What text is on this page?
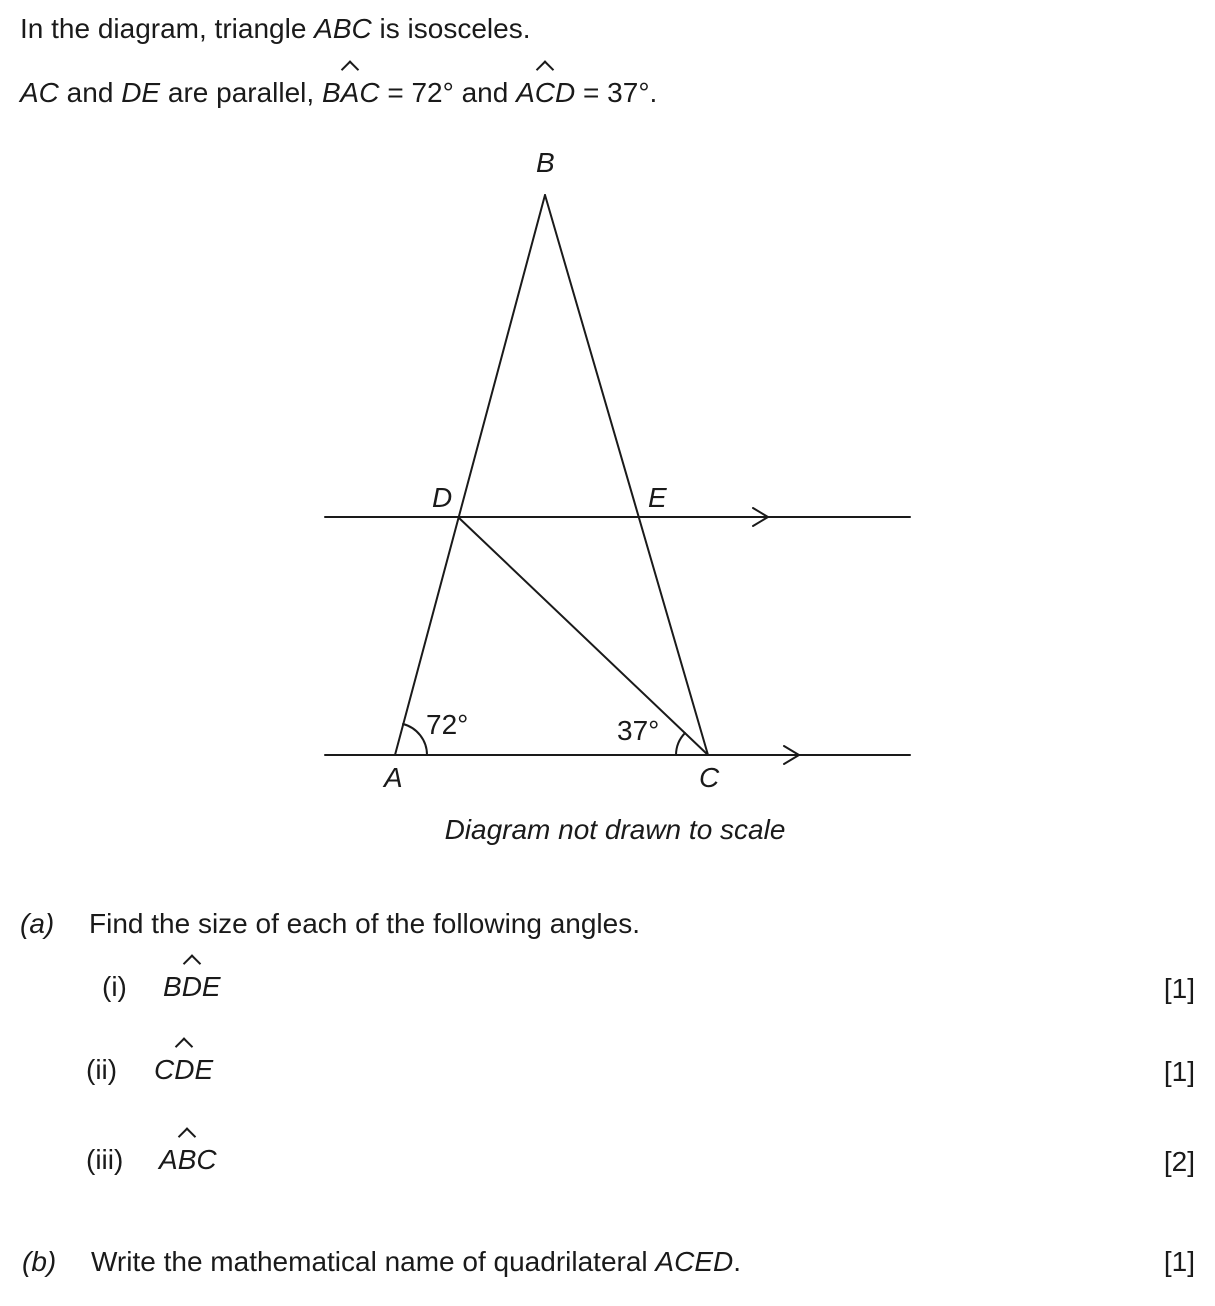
In the diagram, triangle ABC is isosceles.
AC and DE are parallel, BAC = 72° and ACD = 37°.
B
D	E
A	C
72°	37°
Diagram not drawn to scale
(a) Find the size of each of the following angles.
(i) BDE	[1]
(ii) CDE	[1]
(iii) ABC	[2]
(b) Write the mathematical name of quadrilateral ACED.	[1]
